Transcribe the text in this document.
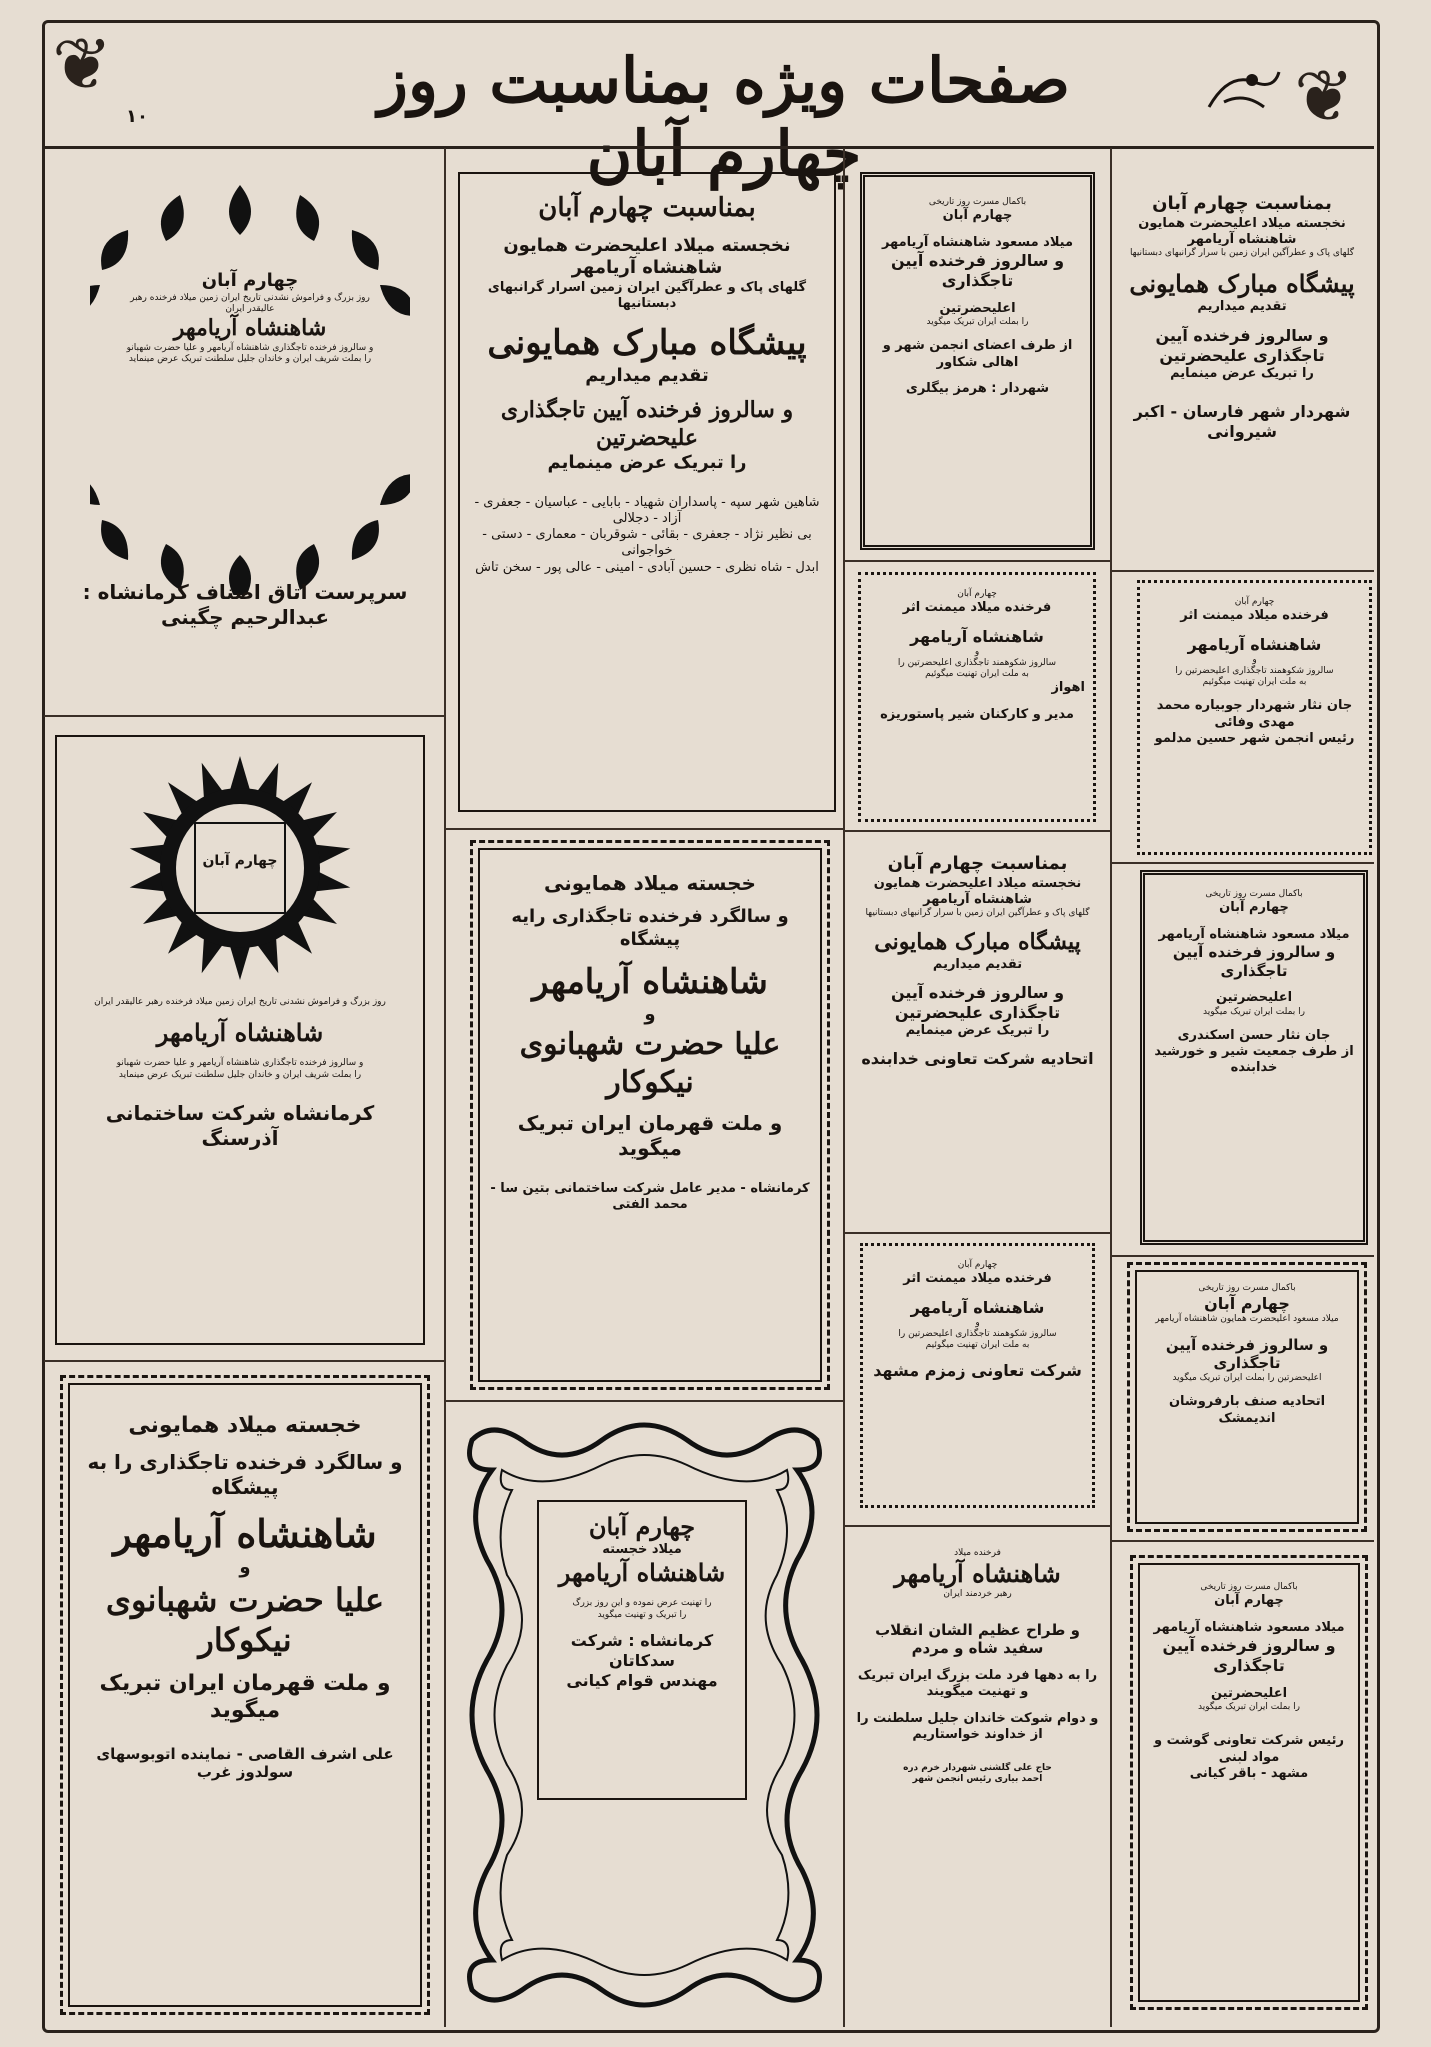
❦	❦
صفحات ویژه بمناسبت روز چهارم آبان
۱۰

چهارم آبان

روز بزرگ و فراموش نشدنی تاریخ ایران زمین میلاد فرخنده رهبر عالیقدر ایران

شاهنشاه آریامهر

و سالروز فرخنده تاجگذاری شاهنشاه آریامهر و علیا حضرت شهبانو

را بملت شریف ایران و خاندان جلیل سلطنت تبریک عرض مینماید

سرپرست اتاق اصناف کرمانشاه :

عبدالرحیم چگینی

بمناسبت چهارم آبان

نخجسته میلاد اعلیحضرت همایون شاهنشاه آریامهر

گلهای پاک و عطرآگین ایران زمین اسرار گرانبهای دبستانیها

پیشگاه مبارک همایونی

تقدیم میداریم

و سالروز فرخنده آیین تاجگذاری علیحضرتین

را تبریک عرض مینمایم

شاهین شهر سپه - پاسداران شهیاد - بابایی - عباسیان - جعفری - آزاد - دجلالی

بی نظیر نژاد - جعفری - بقائی - شوقربان - معماری - دستی - خواجوانی

ابدل - شاه نظری - حسین آبادی - امینی - عالی پور - سخن تاش

باکمال مسرت روز تاریخی

چهارم آبان

میلاد مسعود شاهنشاه آریامهر

و سالروز فرخنده آیین تاجگذاری

اعلیحضرتین

را بملت ایران تبریک میگوید

از طرف اعضای انجمن شهر و اهالی شکاور

شهردار : هرمز بیگلری

بمناسبت چهارم آبان

نخجسته میلاد اعلیحضرت همایون شاهنشاه آریامهر

گلهای پاک و عطرآگین ایران زمین با سرار گرانبهای دبستانیها

پیشگاه مبارک همایونی

تقدیم میداریم

و سالروز فرخنده آیین تاجگذاری علیحضرتین

را تبریک عرض مینمایم

شهردار شهر فارسان - اکبر شیروانی

چهارم آبان

فرخنده میلاد میمنت اثر

شاهنشاه آریامهر

و

سالروز شکوهمند تاجگذاری اعلیحضرتین را

به ملت ایران تهنیت میگوئیم

اهواز

مدیر و کارکنان شیر پاستوریزه

چهارم آبان

فرخنده میلاد میمنت اثر

شاهنشاه آریامهر

و

سالروز شکوهمند تاجگذاری اعلیحضرتین را

به ملت ایران تهنیت میگوئیم

جان نثار شهردار جوبیاره محمد مهدی وفائی

رئیس انجمن شهر حسین مدلمو

چهارم آبان

روز بزرگ و فراموش نشدنی تاریخ ایران زمین میلاد فرخنده رهبر عالیقدر ایران

شاهنشاه آریامهر

و سالروز فرخنده تاجگذاری شاهنشاه آریامهر و علیا حضرت شهبانو

را بملت شریف ایران و خاندان جلیل سلطنت تبریک عرض مینماید

کرمانشاه شرکت ساختمانی آذرسنگ

خجسته میلاد همایونی

و سالگرد فرخنده تاجگذاری رایه پیشگاه

شاهنشاه آریامهر

و

علیا حضرت شهبانوی نیکوکار

و ملت قهرمان ایران تبریک میگوید

کرمانشاه - مدیر عامل شرکت ساختمانی بتین سا - محمد الفتی

بمناسبت چهارم آبان

نخجسته میلاد اعلیحضرت همایون شاهنشاه آریامهر

گلهای پاک و عطرآگین ایران زمین با سرار گرانبهای دبستانیها

پیشگاه مبارک همایونی

تقدیم میداریم

و سالروز فرخنده آیین تاجگذاری علیحضرتین

را تبریک عرض مینمایم

اتحادیه شرکت تعاونی خدابنده

باکمال مسرت روز تاریخی

چهارم آبان

میلاد مسعود شاهنشاه آریامهر

و سالروز فرخنده آیین تاجگذاری

اعلیحضرتین

را بملت ایران تبریک میگوید

جان نثار حسن اسکندری

از طرف جمعیت شیر و خورشید خدابنده

چهارم آبان

فرخنده میلاد میمنت اثر

شاهنشاه آریامهر

و

سالروز شکوهمند تاجگذاری اعلیحضرتین را

به ملت ایران تهنیت میگوئیم

شرکت تعاونی زمزم مشهد

باکمال مسرت روز تاریخی

چهارم آبان

میلاد مسعود اعلیحضرت همایون شاهنشاه آریامهر

و سالروز فرخنده آیین تاجگذاری

اعلیحضرتین را بملت ایران تبریک میگوید

اتحادیه صنف بارفروشان اندیمشک

خجسته میلاد همایونی

و سالگرد فرخنده تاجگذاری را به پیشگاه

شاهنشاه آریامهر

و

علیا حضرت شهبانوی نیکوکار

و ملت قهرمان ایران تبریک میگوید

علی اشرف القاصی - نماینده اتوبوسهای سولدوز غرب

چهارم آبان

میلاد خجسته

شاهنشاه آریامهر

را تهنیت عرض نموده و این روز بزرگ

را تبریک و تهنیت میگوید

کرمانشاه : شرکت سدکاتان

مهندس قوام کیانی

فرخنده میلاد

شاهنشاه آریامهر

رهبر خردمند ایران

و طراح عظیم الشان انقلاب سفید شاه و مردم

را به دهها فرد ملت بزرگ ایران تبریک و تهنیت میگویند

و دوام شوکت خاندان جلیل سلطنت را از خداوند خواستاریم

حاج علی گلشنی شهردار خرم دره

احمد بیاری رئیس انجمن شهر

باکمال مسرت روز تاریخی

چهارم آبان

میلاد مسعود شاهنشاه آریامهر

و سالروز فرخنده آیین تاجگذاری

اعلیحضرتین

را بملت ایران تبریک میگوید

رئیس شرکت تعاونی گوشت و مواد لبنی

مشهد - باقر کیانی
